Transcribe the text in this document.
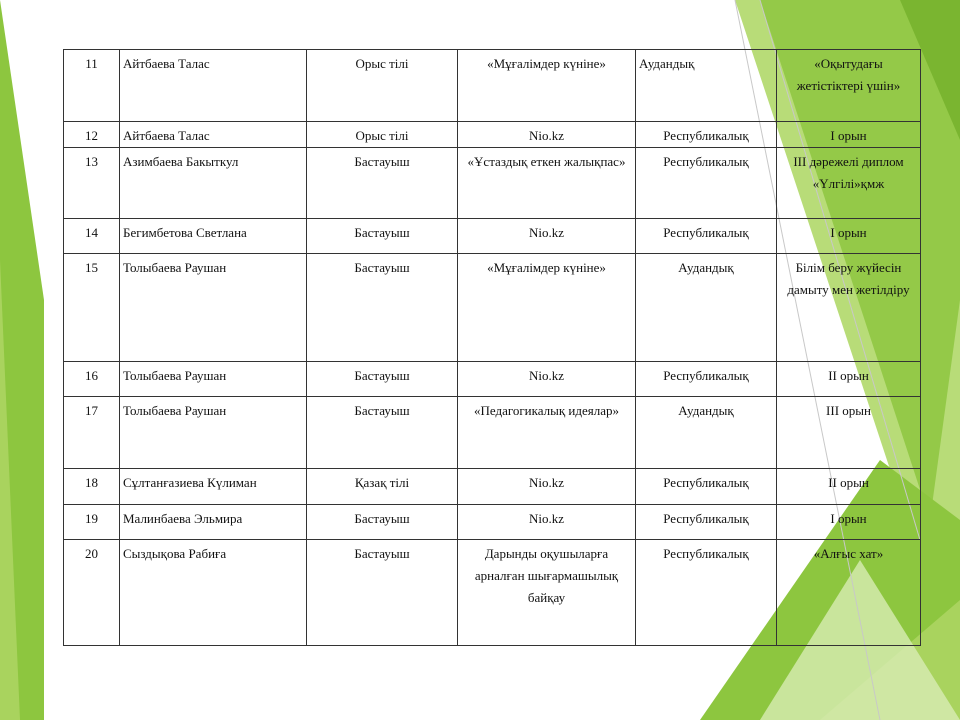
11	Айтбаева Талас	Орыс тілі	«Мұғалімдер күніне»	Аудандық	«Оқытудағы жетістіктері үшін»
12	Айтбаева Талас	Орыс тілі	Nio.kz	Республикалық	I орын
13	Азимбаева Бакыткул	Бастауыш	«Ұстаздық еткен жалықпас»	Республикалық	ІІІ дәрежелі диплом «Үлгілі»қмж
14	Бегимбетова Светлана	Бастауыш	Nio.kz	Республикалық	I орын
15	Толыбаева Раушан	Бастауыш	«Мұғалімдер күніне»	Аудандық	Білім беру жүйесін дамыту мен жетілдіру
16	Толыбаева Раушан	Бастауыш	Nio.kz	Республикалық	ІІ орын
17	Толыбаева Раушан	Бастауыш	«Педагогикалық идеялар»	Аудандық	ІІІ орын
18	Сұлтанғазиева Күлиман	Қазақ тілі	Nio.kz	Республикалық	ІІ орын
19	Малинбаева Эльмира	Бастауыш	Nio.kz	Республикалық	І орын
20	Сыздықова Рабиға	Бастауыш	Дарынды оқушыларға арналған шығармашылық байқау	Республикалық	«Алғыс хат»
